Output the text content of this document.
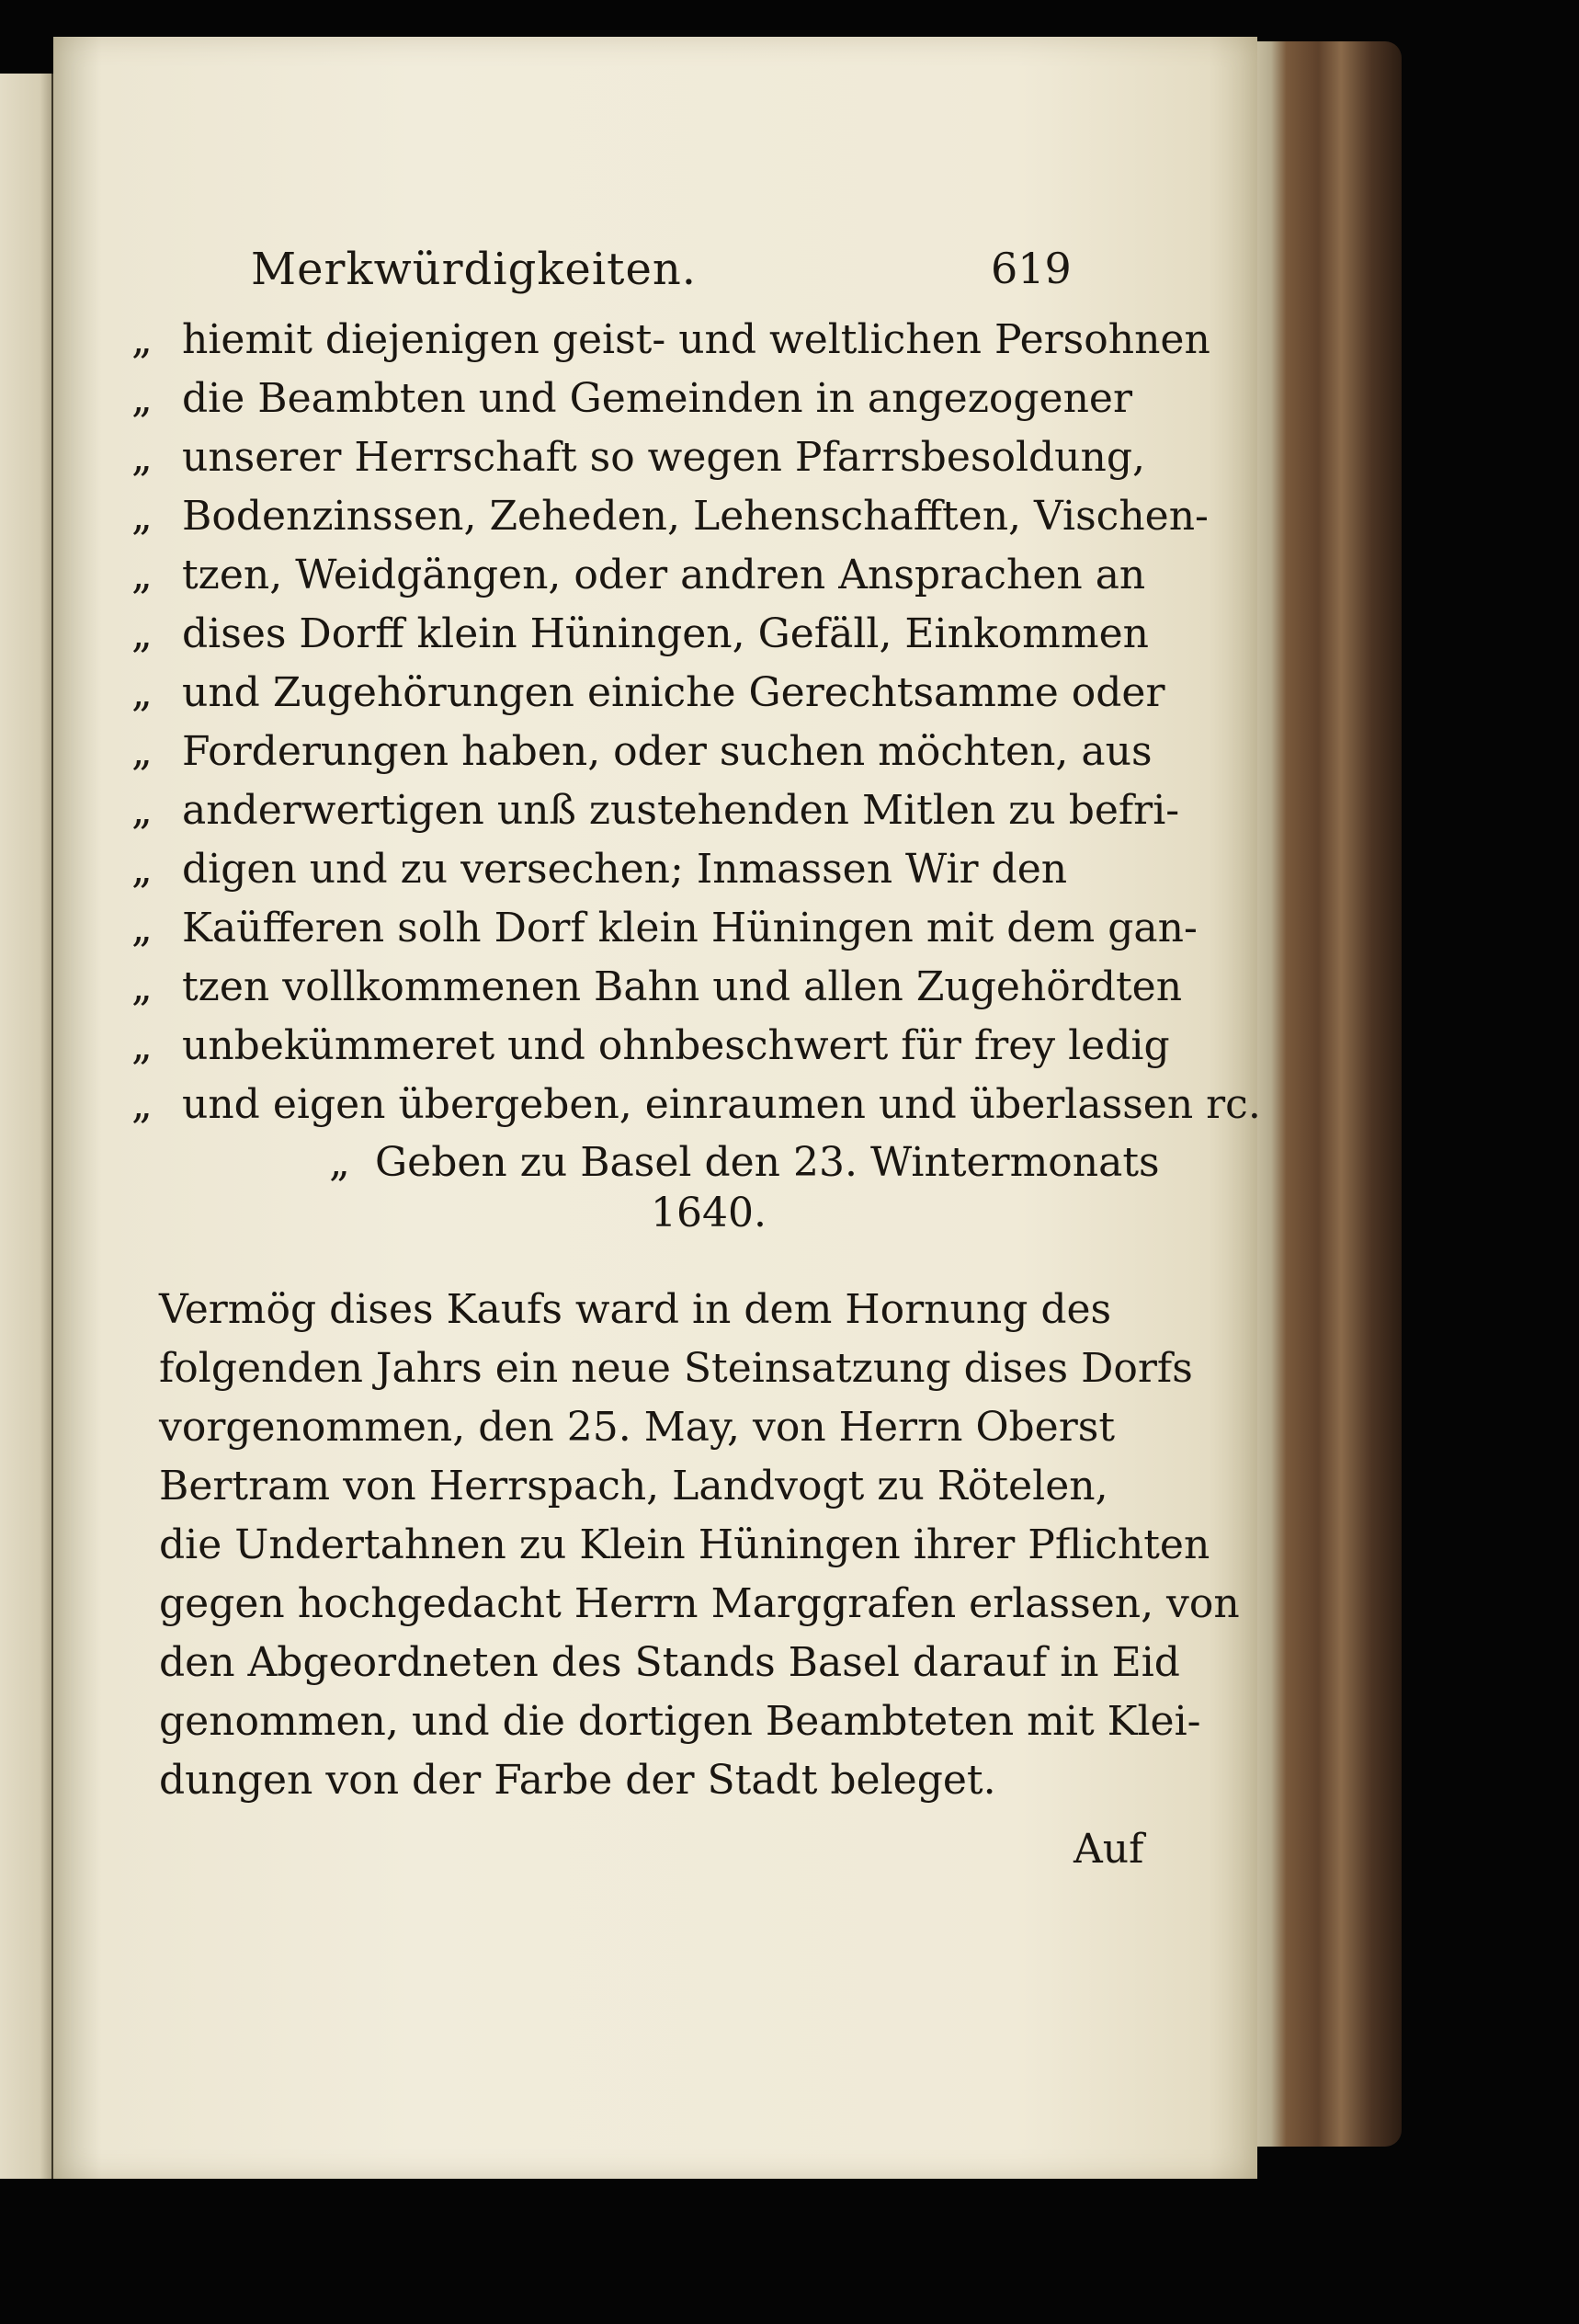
Merkwürdigkeiten.	619
„ hiemit diejenigen geist- und weltlichen Persohnen
„ die Beambten und Gemeinden in angezogener
„ unserer Herrschaft so wegen Pfarrsbesoldung,
„ Bodenzinssen, Zeheden, Lehenschafften, Vischen-
„ tzen, Weidgängen, oder andren Ansprachen an
„ dises Dorff klein Hüningen, Gefäll, Einkommen
„ und Zugehörungen einiche Gerechtsamme oder
„ Forderungen haben, oder suchen möchten, aus
„ anderwertigen unß zustehenden Mitlen zu befri-
„ digen und zu versechen; Inmassen Wir den
„ Kaüfferen solh Dorf klein Hüningen mit dem gan-
„ tzen vollkommenen Bahn und allen Zugehördten
„ unbekümmeret und ohnbeschwert für frey ledig
„ und eigen übergeben, einraumen und überlassen rc.
„ Geben zu Basel den 23. Wintermonats
1640.
Vermög dises Kaufs ward in dem Hornung des
folgenden Jahrs ein neue Steinsatzung dises Dorfs
vorgenommen, den 25. May, von Herrn Oberst
Bertram von Herrspach, Landvogt zu Rötelen,
die Undertahnen zu Klein Hüningen ihrer Pflichten
gegen hochgedacht Herrn Marggrafen erlassen, von
den Abgeordneten des Stands Basel darauf in Eid
genommen, und die dortigen Beambteten mit Klei-
dungen von der Farbe der Stadt beleget.
Auf
